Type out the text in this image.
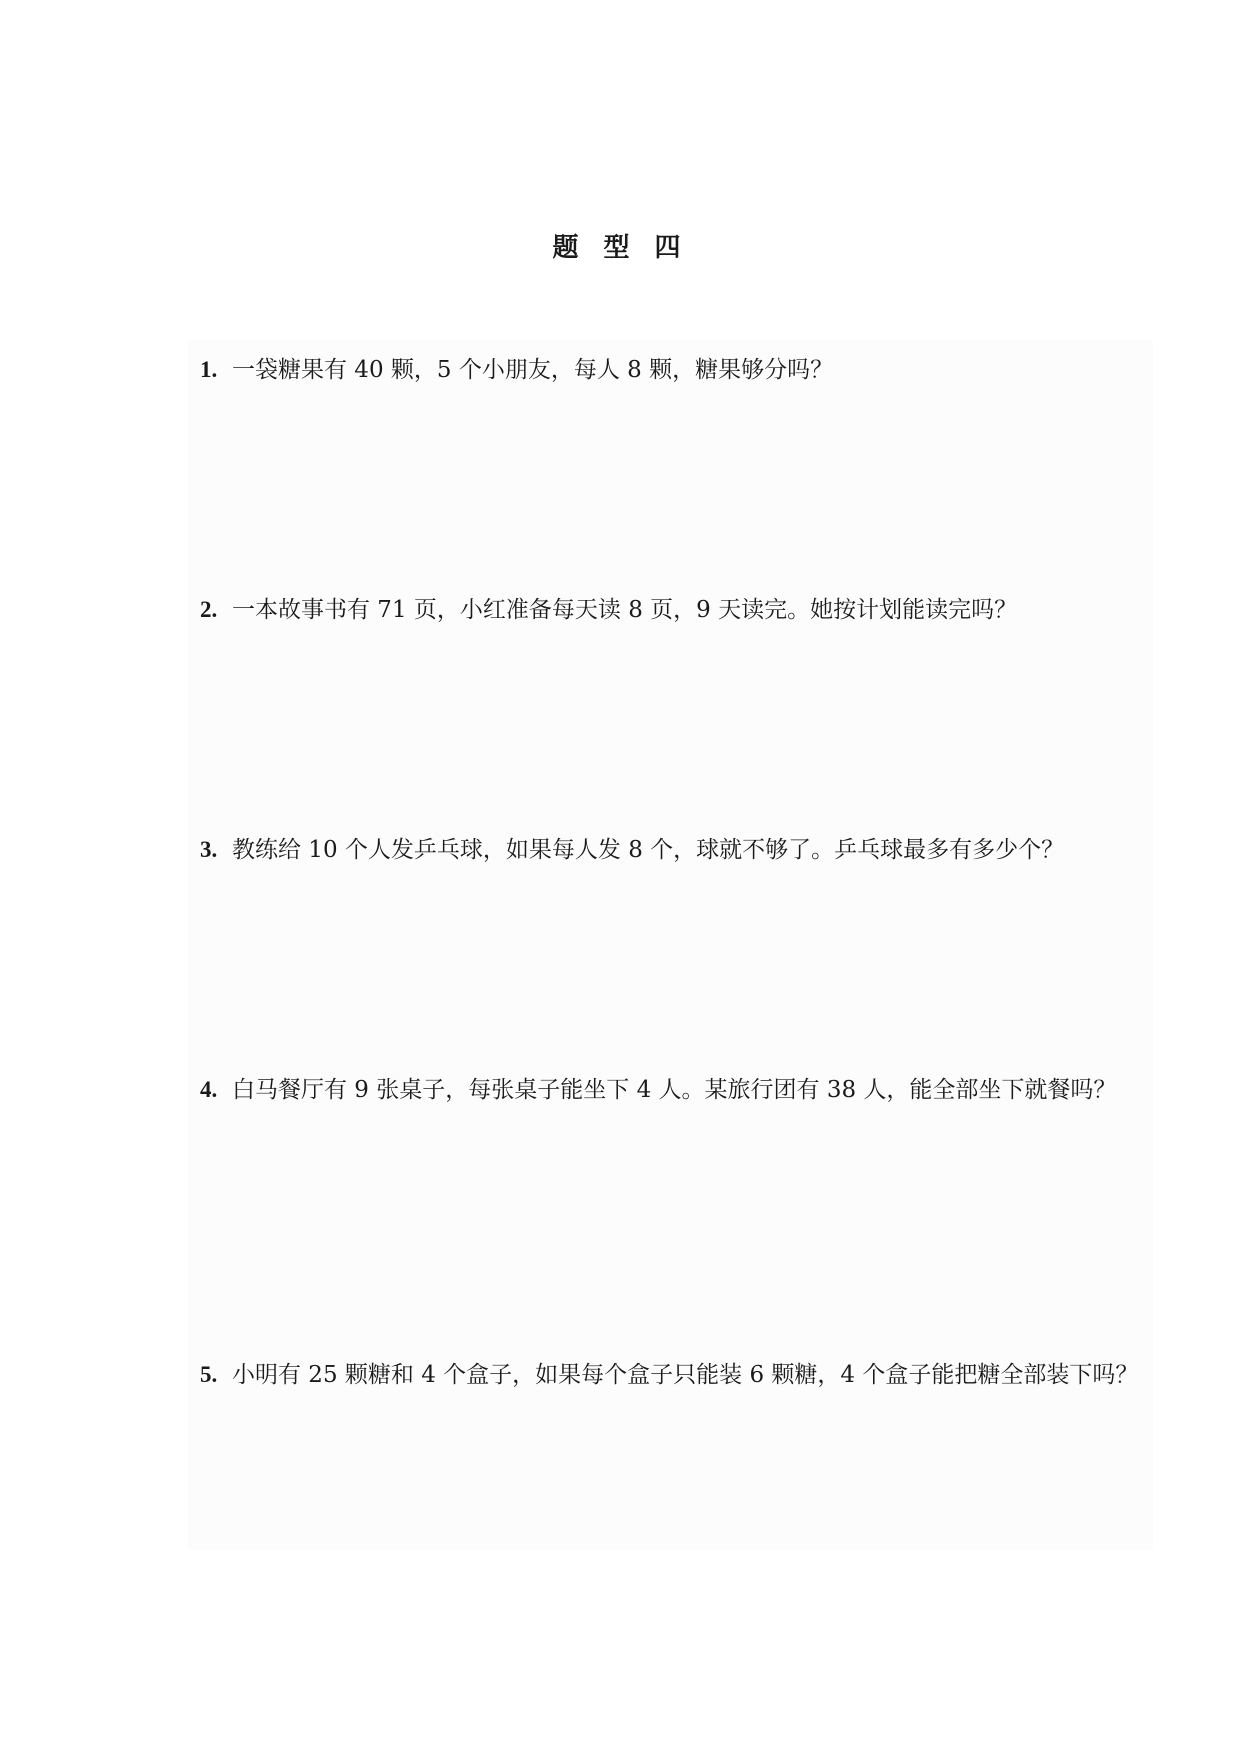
题 型 四
1. 一袋糖果有 40 颗，5 个小朋友，每人 8 颗，糖果够分吗？
2. 一本故事书有 71 页，小红准备每天读 8 页，9 天读完。她按计划能读完吗？
3. 教练给 10 个人发乒乓球，如果每人发 8 个，球就不够了。乒乓球最多有多少个？
4. 白马餐厅有 9 张桌子，每张桌子能坐下 4 人。某旅行团有 38 人，能全部坐下就餐吗？
5. 小明有 25 颗糖和 4 个盒子，如果每个盒子只能装 6 颗糖，4 个盒子能把糖全部装下吗？
